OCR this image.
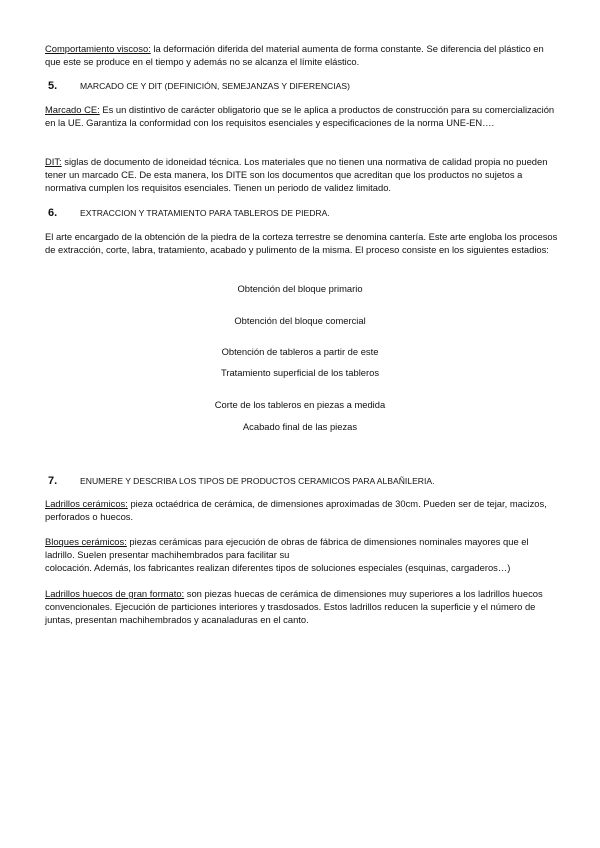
Comportamiento viscoso: la deformación diferida del material aumenta de forma constante. Se diferencia del plástico en que este se produce en el tiempo y además no se alcanza el límite elástico.

5.	MARCADO CE Y DIT (DEFINICIÓN, SEMEJANZAS Y DIFERENCIAS)

Marcado CE: Es un distintivo de carácter obligatorio que se le aplica a productos de construcción para su comercialización en la UE. Garantiza la conformidad con los requisitos esenciales y especificaciones de la norma UNE-EN….

DIT: siglas de documento de idoneidad técnica. Los materiales que no tienen una normativa de calidad propia no pueden tener un marcado CE. De esta manera, los DITE son los documentos que acreditan que los productos no sujetos a normativa cumplen los requisitos esenciales. Tienen un periodo de validez limitado.

6.	EXTRACCION Y TRATAMIENTO PARA TABLEROS DE PIEDRA.

El arte encargado de la obtención de la piedra de la corteza terrestre se denomina cantería. Este arte engloba los procesos de extracción, corte, labra, tratamiento, acabado y pulimento de la misma. El proceso consiste en los siguientes estadios:

Obtención del bloque primario

Obtención del bloque comercial

Obtención de tableros a partir de este

Tratamiento superficial de los tableros

Corte de los tableros en piezas a medida

Acabado final de las piezas

7.	ENUMERE Y DESCRIBA LOS TIPOS DE PRODUCTOS CERAMICOS PARA ALBAÑILERIA.

Ladrillos cerámicos: pieza octaédrica de cerámica, de dimensiones aproximadas de 30cm. Pueden ser de tejar, macizos, perforados o huecos.

Bloques cerámicos: piezas cerámicas para ejecución de obras de fábrica de dimensiones nominales mayores que el ladrillo. Suelen presentar machihembrados para facilitar su
colocación. Además, los fabricantes realizan diferentes tipos de soluciones especiales (esquinas, cargaderos…)

Ladrillos huecos de gran formato: son piezas huecas de cerámica de dimensiones muy superiores a los ladrillos huecos convencionales. Ejecución de particiones interiores y trasdosados. Estos ladrillos reducen la superficie y el número de juntas, presentan machihembrados y acanaladuras en el canto.
